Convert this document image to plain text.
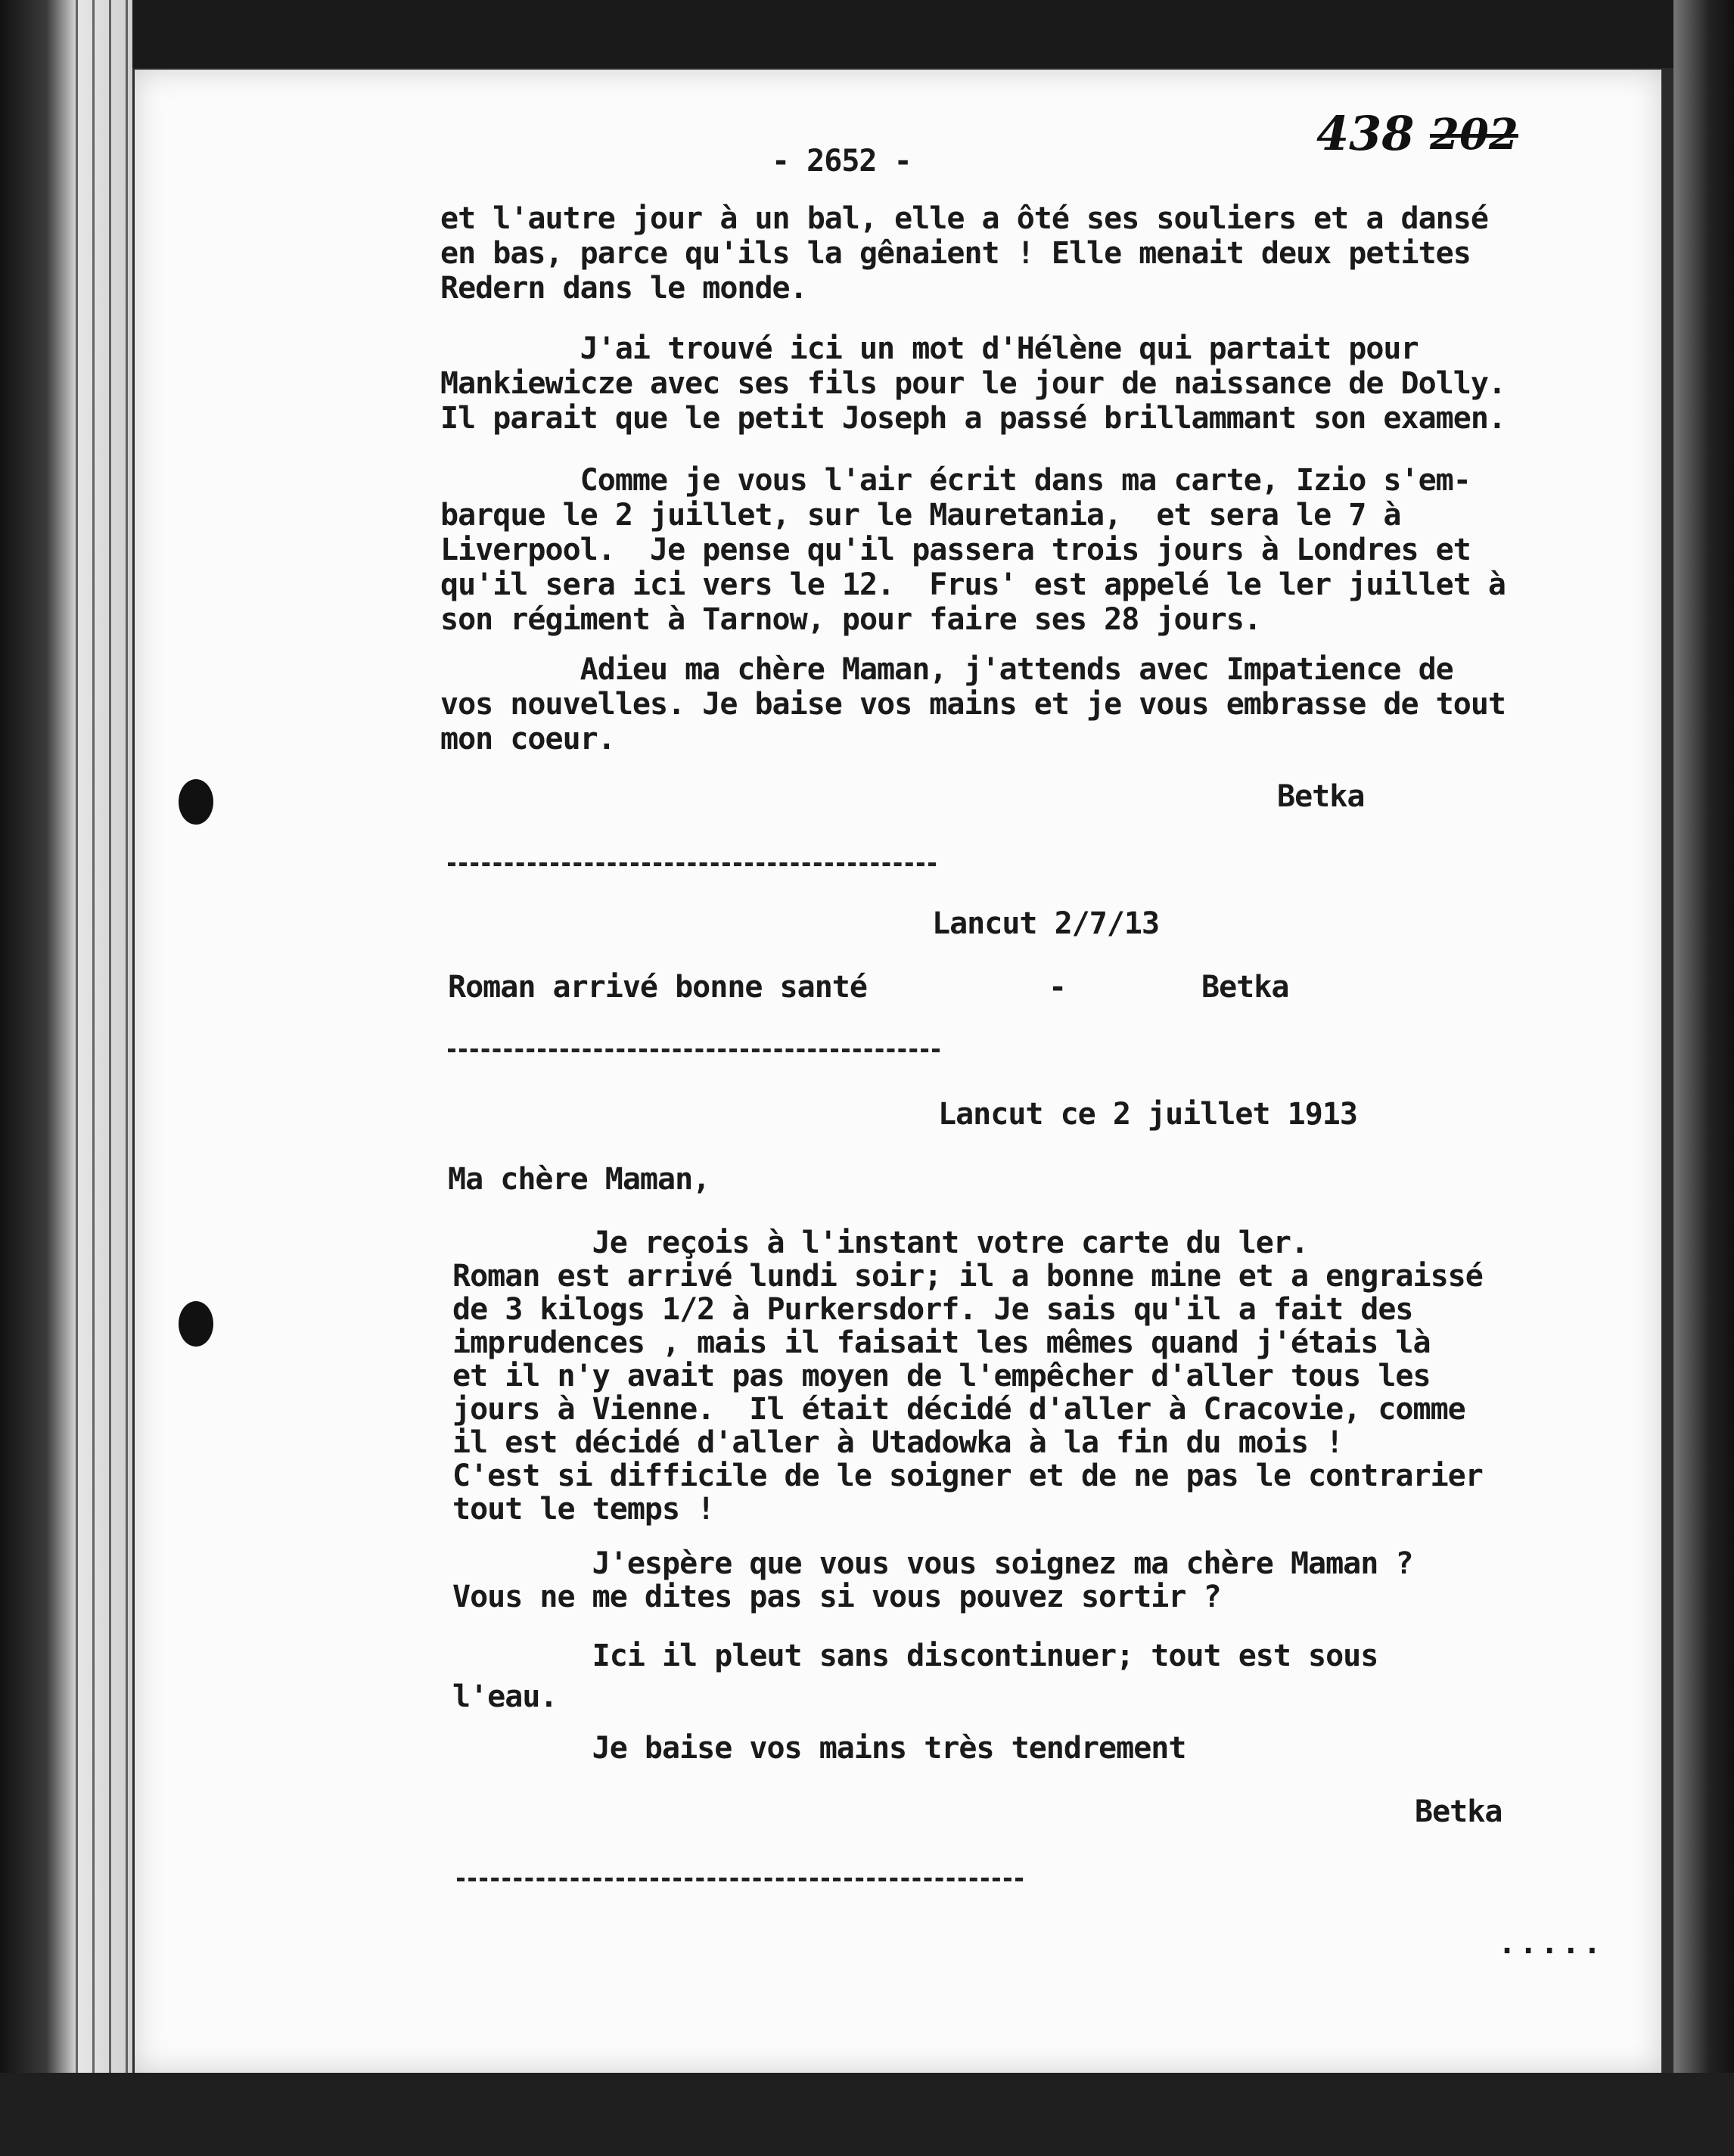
- 2652 -	438 202
et l'autre jour à un bal, elle a ôté ses souliers et a dansé
en bas, parce qu'ils la gênaient ! Elle menait deux petites
Redern dans le monde.
J'ai trouvé ici un mot d'Hélène qui partait pour
Mankiewicze avec ses fils pour le jour de naissance de Dolly.
Il parait que le petit Joseph a passé brillammant son examen.
Comme je vous l'air écrit dans ma carte, Izio s'em-
barque le 2 juillet, sur le Mauretania,  et sera le 7 à
Liverpool.  Je pense qu'il passera trois jours à Londres et
qu'il sera ici vers le 12.  Frus' est appelé le ler juillet à
son régiment à Tarnow, pour faire ses 28 jours.
Adieu ma chère Maman, j'attends avec Impatience de
vos nouvelles. Je baise vos mains et je vous embrasse de tout
mon coeur.
Betka
Lancut 2/7/13
Roman arrivé bonne santé	-	Betka
Lancut ce 2 juillet 1913
Ma chère Maman,
Je reçois à l'instant votre carte du ler.
Roman est arrivé lundi soir; il a bonne mine et a engraissé
de 3 kilogs 1/2 à Purkersdorf. Je sais qu'il a fait des
imprudences , mais il faisait les mêmes quand j'étais là
et il n'y avait pas moyen de l'empêcher d'aller tous les
jours à Vienne.  Il était décidé d'aller à Cracovie, comme
il est décidé d'aller à Utadowka à la fin du mois !
C'est si difficile de le soigner et de ne pas le contrarier
tout le temps !
J'espère que vous vous soignez ma chère Maman ?
Vous ne me dites pas si vous pouvez sortir ?
Ici il pleut sans discontinuer; tout est sous
l'eau.
Je baise vos mains très tendrement
Betka
.....
